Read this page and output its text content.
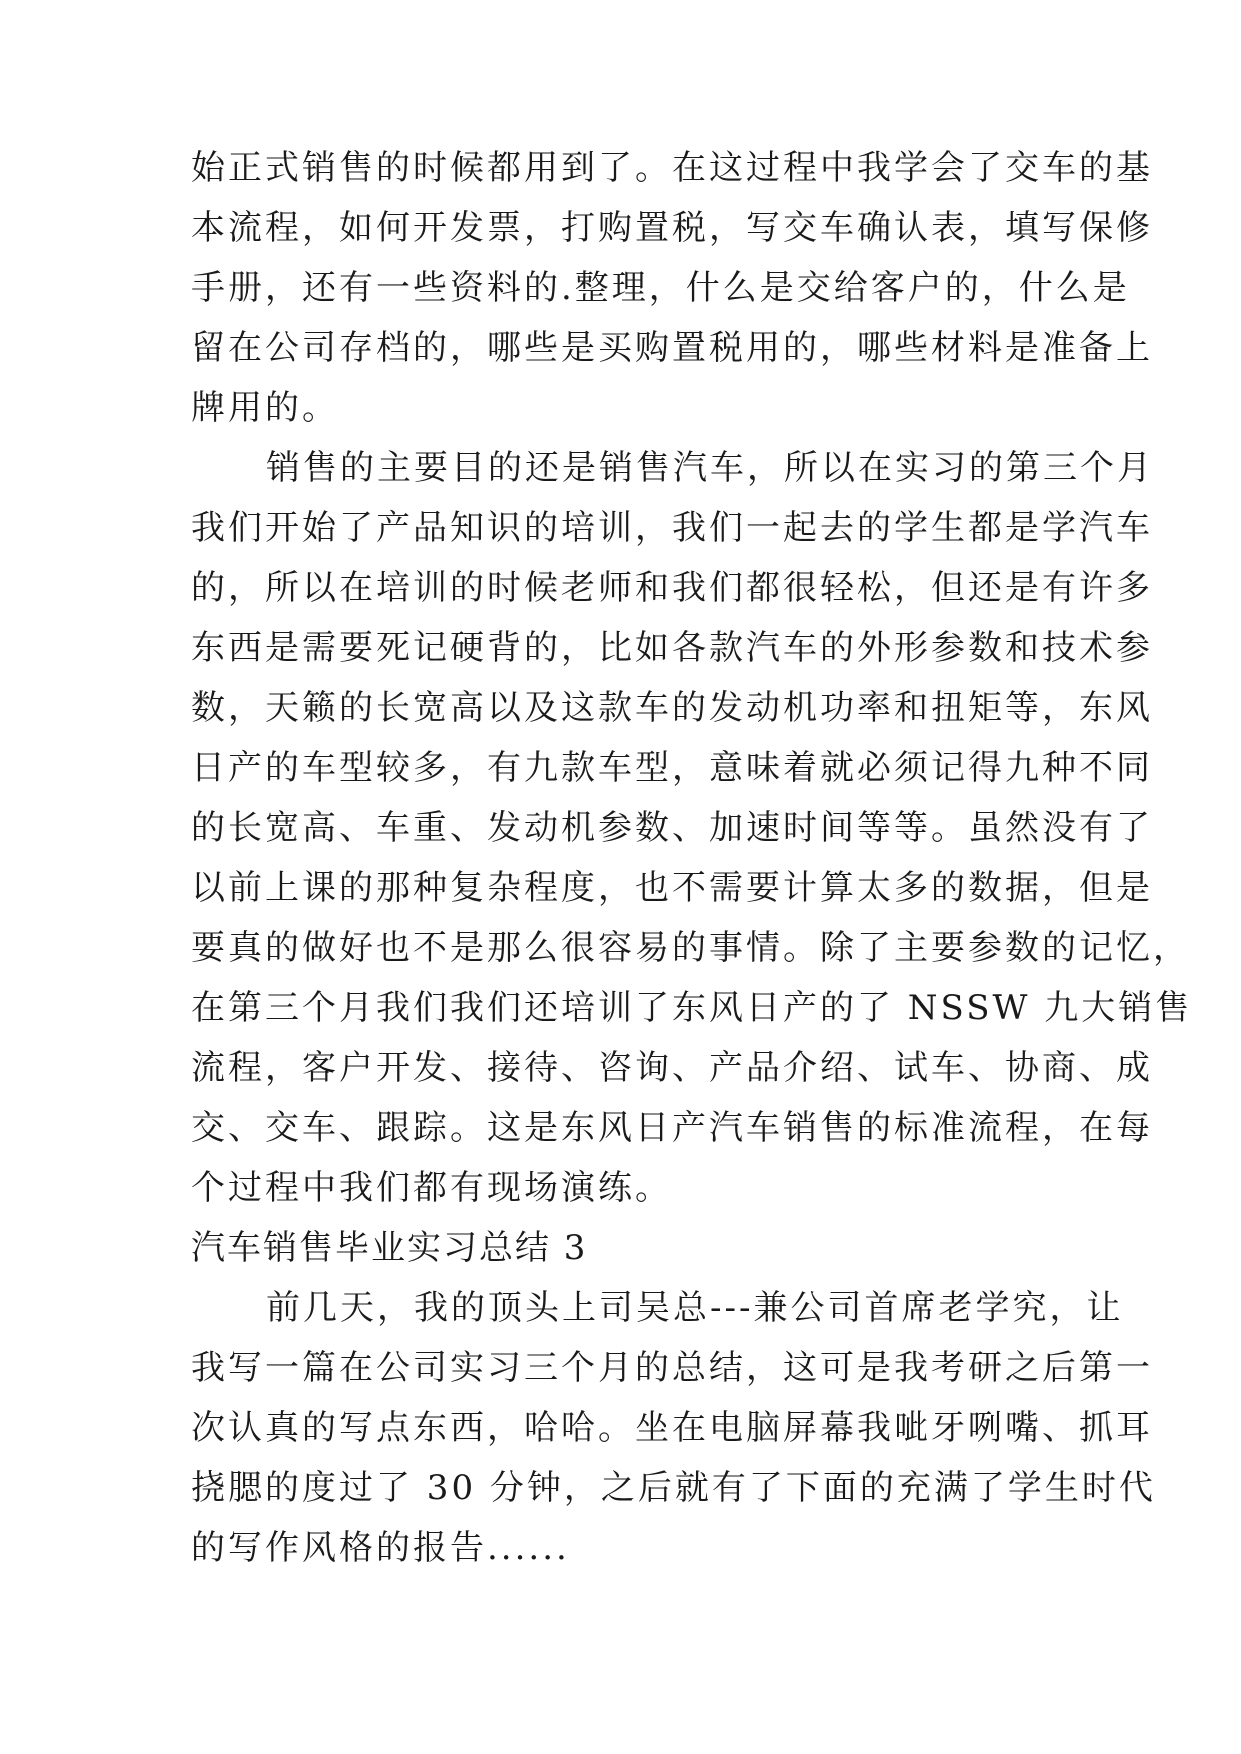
始正式销售的时候都用到了。在这过程中我学会了交车的基
本流程，如何开发票，打购置税，写交车确认表，填写保修
手册，还有一些资料的.整理，什么是交给客户的，什么是
留在公司存档的，哪些是买购置税用的，哪些材料是准备上
牌用的。
销售的主要目的还是销售汽车，所以在实习的第三个月
我们开始了产品知识的培训，我们一起去的学生都是学汽车
的，所以在培训的时候老师和我们都很轻松，但还是有许多
东西是需要死记硬背的，比如各款汽车的外形参数和技术参
数，天籁的长宽高以及这款车的发动机功率和扭矩等，东风
日产的车型较多，有九款车型，意味着就必须记得九种不同
的长宽高、车重、发动机参数、加速时间等等。虽然没有了
以前上课的那种复杂程度，也不需要计算太多的数据，但是
要真的做好也不是那么很容易的事情。除了主要参数的记忆，
在第三个月我们我们还培训了东风日产的了 NSSW 九大销售
流程，客户开发、接待、咨询、产品介绍、试车、协商、成
交、交车、跟踪。这是东风日产汽车销售的标准流程，在每
个过程中我们都有现场演练。
汽车销售毕业实习总结 3
前几天，我的顶头上司吴总---兼公司首席老学究，让
我写一篇在公司实习三个月的总结，这可是我考研之后第一
次认真的写点东西，哈哈。坐在电脑屏幕我呲牙咧嘴、抓耳
挠腮的度过了 30 分钟，之后就有了下面的充满了学生时代
的写作风格的报告......
